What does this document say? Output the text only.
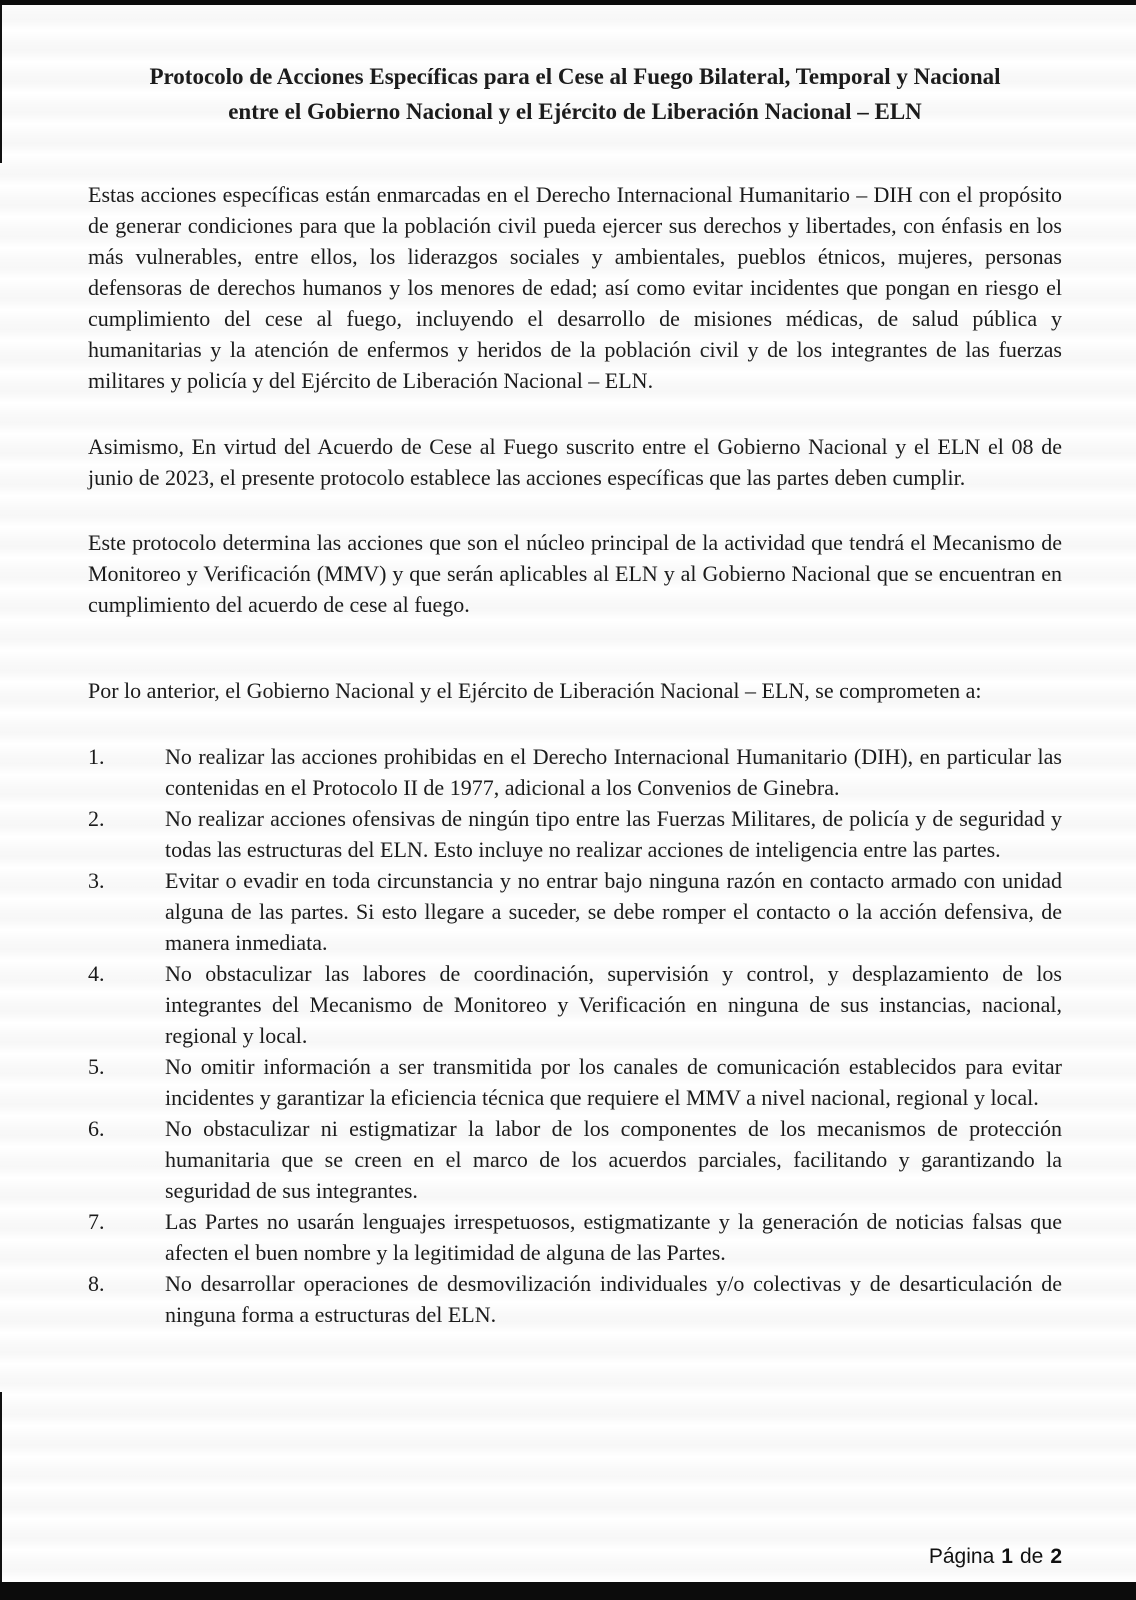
Protocolo de Acciones Específicas para el Cese al Fuego Bilateral, Temporal y Nacional entre el Gobierno Nacional y el Ejército de Liberación Nacional – ELN

Estas acciones específicas están enmarcadas en el Derecho Internacional Humanitario – DIH con el propósito de generar condiciones para que la población civil pueda ejercer sus derechos y libertades, con énfasis en los más vulnerables, entre ellos, los liderazgos sociales y ambientales, pueblos étnicos, mujeres, personas defensoras de derechos humanos y los menores de edad; así como evitar incidentes que pongan en riesgo el cumplimiento del cese al fuego, incluyendo el desarrollo de misiones médicas, de salud pública y humanitarias y la atención de enfermos y heridos de la población civil y de los integrantes de las fuerzas militares y policía y del Ejército de Liberación Nacional – ELN.

Asimismo, En virtud del Acuerdo de Cese al Fuego suscrito entre el Gobierno Nacional y el ELN el 08 de junio de 2023, el presente protocolo establece las acciones específicas que las partes deben cumplir.

Este protocolo determina las acciones que son el núcleo principal de la actividad que tendrá el Mecanismo de Monitoreo y Verificación (MMV) y que serán aplicables al ELN y al Gobierno Nacional que se encuentran en cumplimiento del acuerdo de cese al fuego.

Por lo anterior, el Gobierno Nacional y el Ejército de Liberación Nacional – ELN, se comprometen a:

1.	No realizar las acciones prohibidas en el Derecho Internacional Humanitario (DIH), en particular las contenidas en el Protocolo II de 1977, adicional a los Convenios de Ginebra.
2.	No realizar acciones ofensivas de ningún tipo entre las Fuerzas Militares, de policía y de seguridad y todas las estructuras del ELN. Esto incluye no realizar acciones de inteligencia entre las partes.
3.	Evitar o evadir en toda circunstancia y no entrar bajo ninguna razón en contacto armado con unidad alguna de las partes. Si esto llegare a suceder, se debe romper el contacto o la acción defensiva, de manera inmediata.
4.	No obstaculizar las labores de coordinación, supervisión y control, y desplazamiento de los integrantes del Mecanismo de Monitoreo y Verificación en ninguna de sus instancias, nacional, regional y local.
5.	No omitir información a ser transmitida por los canales de comunicación establecidos para evitar incidentes y garantizar la eficiencia técnica que requiere el MMV a nivel nacional, regional y local.
6.	No obstaculizar ni estigmatizar la labor de los componentes de los mecanismos de protección humanitaria que se creen en el marco de los acuerdos parciales, facilitando y garantizando la seguridad de sus integrantes.
7.	Las Partes no usarán lenguajes irrespetuosos, estigmatizante y la generación de noticias falsas que afecten el buen nombre y la legitimidad de alguna de las Partes.
8.	No desarrollar operaciones de desmovilización individuales y/o colectivas y de desarticulación de ninguna forma a estructuras del ELN.
Página 1 de 2
